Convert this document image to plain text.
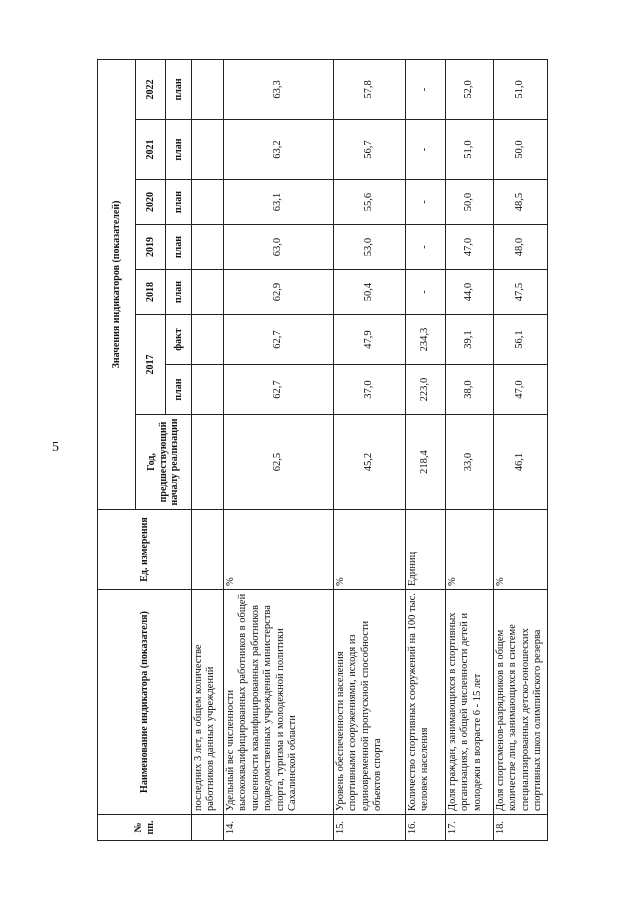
5
№ пп.	Наименование индикатора (показателя)	Ед. измерения	Значения индикаторов (показателей)							

			Год, предшествующий началу реализации	2017		2018	2019	2020	2021	2022
				план	факт	план	план	план	план	план
	последних 3 лет, в общем количестве работников данных учреждений									
14.	Удельный вес численности высококвалифицированных работников в общей численности квалифицированных работников подведомственных учреждений министерства спорта, туризма и молодежной политики Сахалинской области	%	62,5	62,7	62,7	62,9	63,0	63,1	63,2	63,3
15.	Уровень обеспеченности населения спортивными сооружениями, исходя из единовременной пропускной способности объектов спорта	%	45,2	37,0	47,9	50,4	53,0	55,6	56,7	57,8
16.	Количество спортивных сооружений на 100 тыс. человек населения	Единиц	218,4	223,0	234,3	-	-	-	-	-
17.	Доля граждан, занимающихся в спортивных организациях, в общей численности детей и молодежи в возрасте 6 - 15 лет	%	33,0	38,0	39,1	44,0	47,0	50,0	51,0	52,0
18.	Доля спортсменов-разрядников в общем количестве лиц, занимающихся в системе специализированных детско-юношеских спортивных школ олимпийского резерва	%	46,1	47,0	56,1	47,5	48,0	48,5	50,0	51,0
